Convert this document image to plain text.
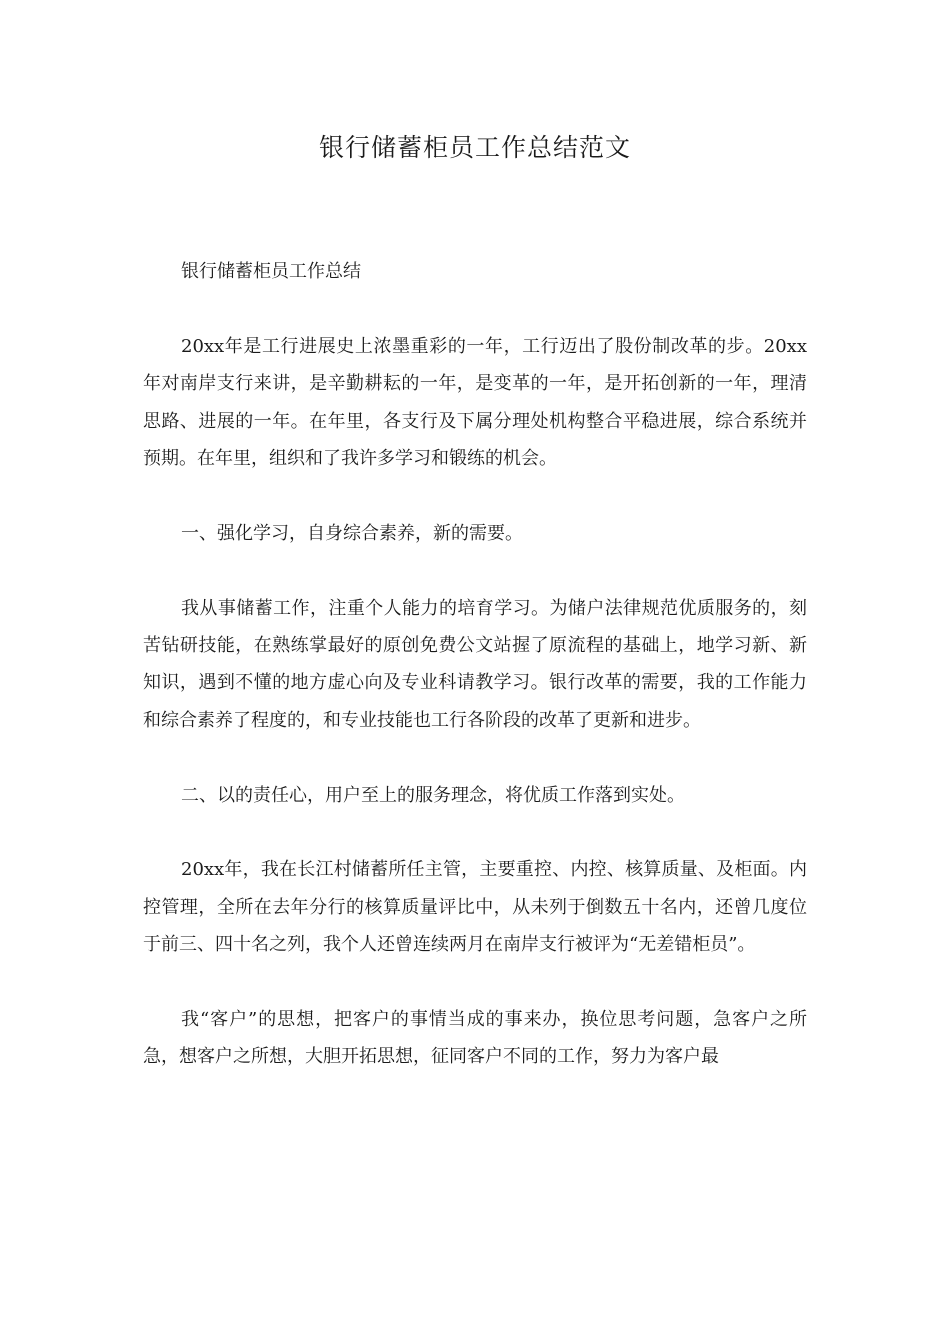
银行储蓄柜员工作总结范文

银行储蓄柜员工作总结

20xx年是工行进展史上浓墨重彩的一年，工行迈出了股份制改革的步。20xx年对南岸支行来讲，是辛勤耕耘的一年，是变革的一年，是开拓创新的一年，理清思路、进展的一年。在年里，各支行及下属分理处机构整合平稳进展，综合系统并预期。在年里，组织和了我许多学习和锻练的机会。

一、强化学习，自身综合素养，新的需要。

我从事储蓄工作，注重个人能力的培育学习。为储户法律规范优质服务的，刻苦钻研技能，在熟练掌最好的原创免费公文站握了原流程的基础上，地学习新、新知识，遇到不懂的地方虚心向及专业科请教学习。银行改革的需要，我的工作能力和综合素养了程度的，和专业技能也工行各阶段的改革了更新和进步。

二、以的责任心，用户至上的服务理念，将优质工作落到实处。

20xx年，我在长江村储蓄所任主管，主要重控、内控、核算质量、及柜面。内控管理，全所在去年分行的核算质量评比中，从未列于倒数五十名内，还曾几度位于前三、四十名之列，我个人还曾连续两月在南岸支行被评为“无差错柜员”。

我“客户”的思想，把客户的事情当成的事来办，换位思考问题，急客户之所急，想客户之所想，大胆开拓思想，征同客户不同的工作，努力为客户最
